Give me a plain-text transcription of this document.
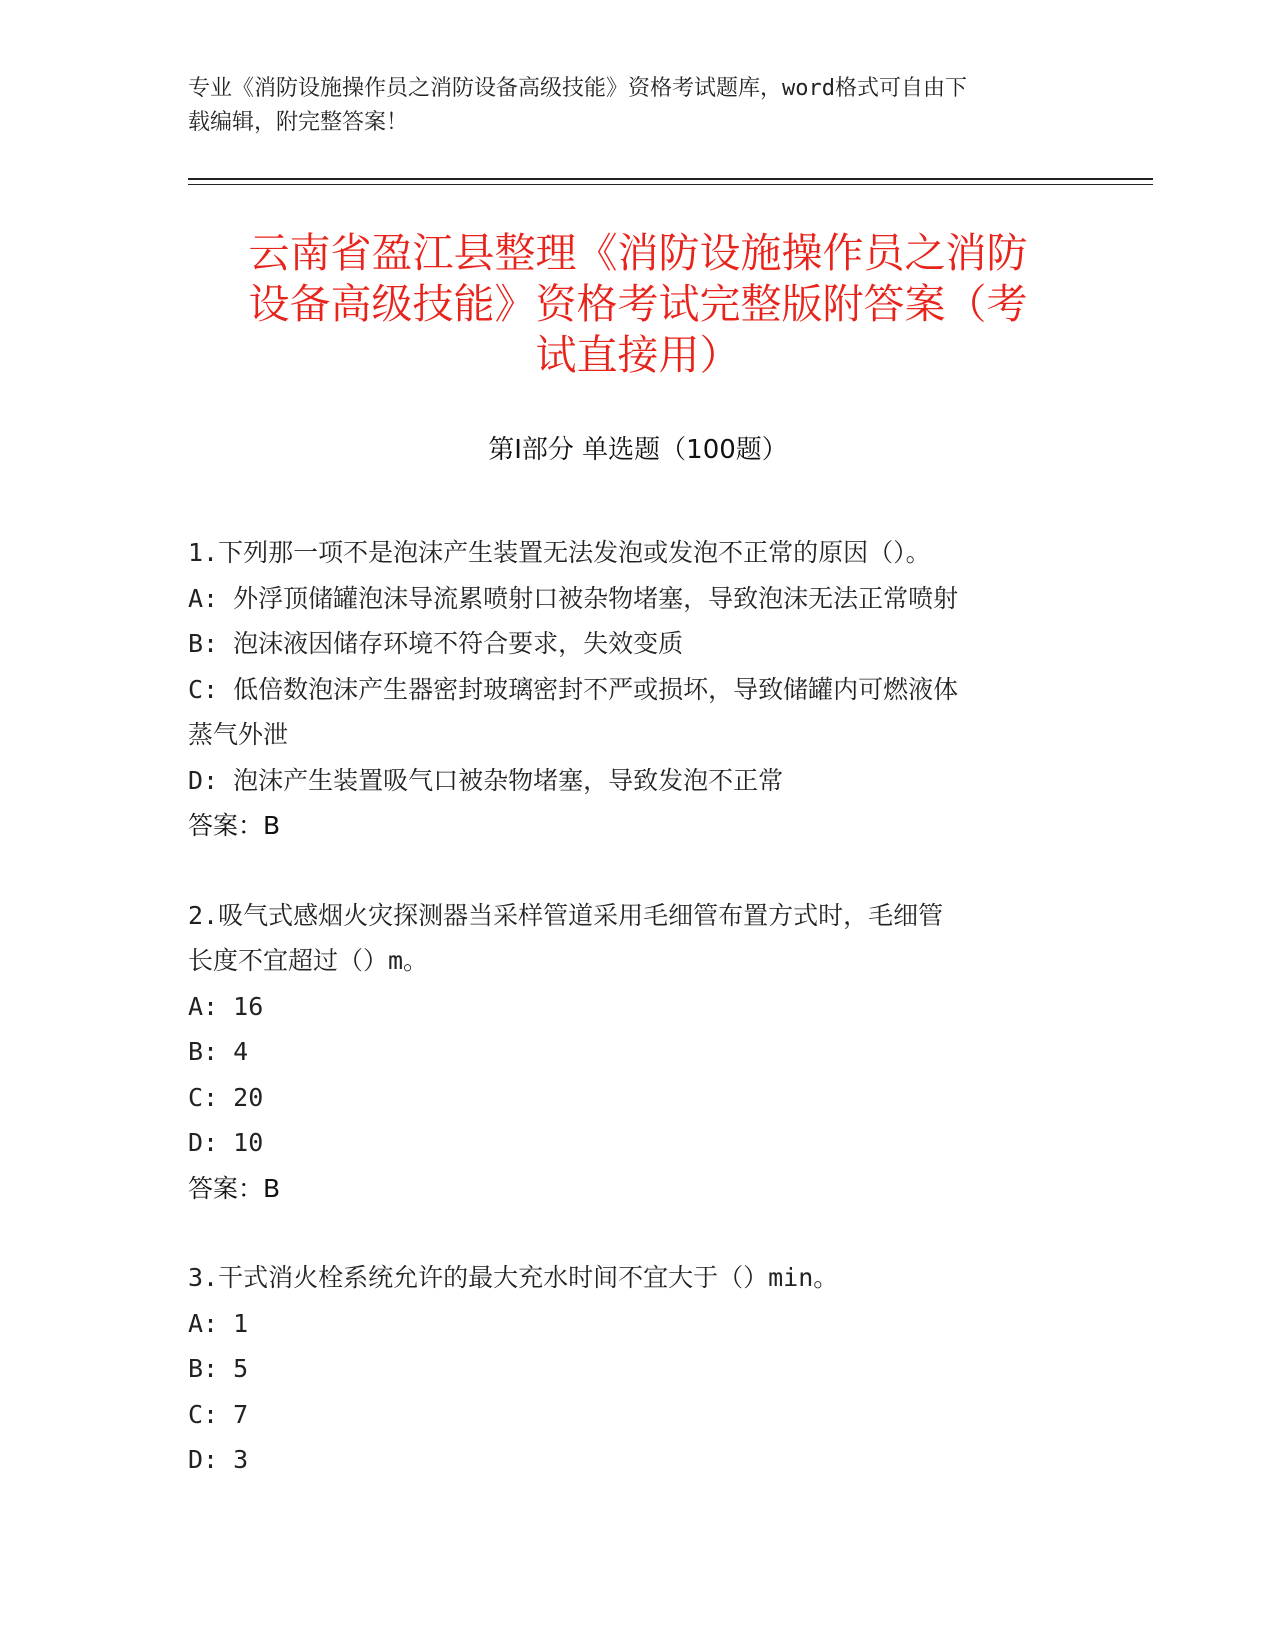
专业《消防设施操作员之消防设备高级技能》资格考试题库，word格式可自由下
载编辑，附完整答案！
云南省盈江县整理《消防设施操作员之消防
设备高级技能》资格考试完整版附答案（考
试直接用）
第Ⅰ部分 单选题（100题）
1.下列那一项不是泡沫产生装置无法发泡或发泡不正常的原因（）。
A: 外浮顶储罐泡沫导流累喷射口被杂物堵塞，导致泡沫无法正常喷射
B: 泡沫液因储存环境不符合要求，失效变质
C: 低倍数泡沫产生器密封玻璃密封不严或损坏，导致储罐内可燃液体
蒸气外泄
D: 泡沫产生装置吸气口被杂物堵塞，导致发泡不正常
答案：B
2.吸气式感烟火灾探测器当采样管道采用毛细管布置方式时，毛细管
长度不宜超过（）m。
A: 16
B: 4
C: 20
D: 10
答案：B
3.干式消火栓系统允许的最大充水时间不宜大于（）min。
A: 1
B: 5
C: 7
D: 3
